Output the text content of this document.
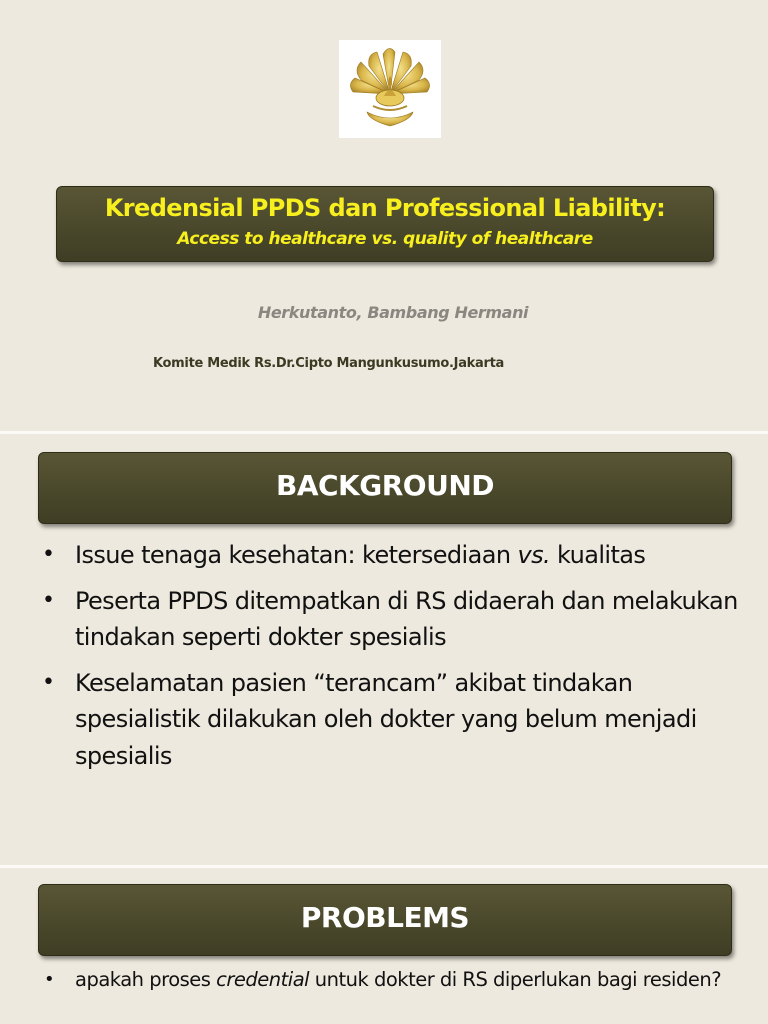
Kredensial PPDS dan Professional Liability:
Access to healthcare vs. quality of healthcare
Herkutanto, Bambang Hermani
Komite Medik Rs.Dr.Cipto Mangunkusumo.Jakarta
BACKGROUND
• Issue tenaga kesehatan: ketersediaan vs. kualitas
• Peserta PPDS ditempatkan di RS didaerah dan melakukan tindakan seperti dokter spesialis
• Keselamatan pasien “terancam” akibat tindakan spesialistik dilakukan oleh dokter yang belum menjadi spesialis
PROBLEMS
• apakah proses credential untuk dokter di RS diperlukan bagi residen?
